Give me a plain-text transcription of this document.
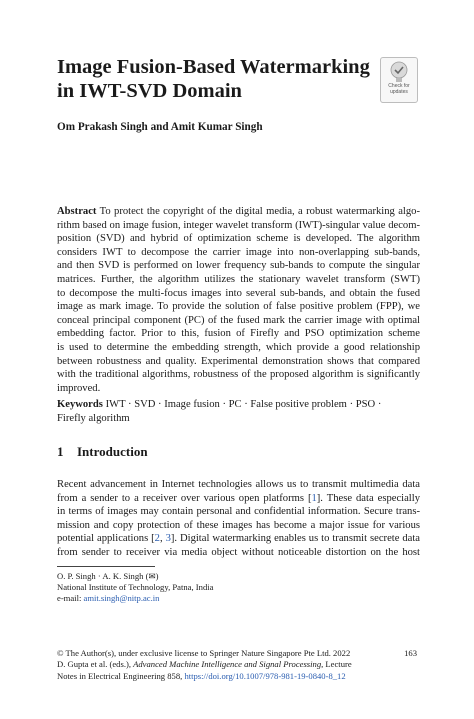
Image Fusion-Based Watermarking
in IWT-SVD Domain	Check for
updates
Om Prakash Singh and Amit Kumar Singh
Abstract To protect the copyright of the digital media, a robust watermarking algo-
rithm based on image fusion, integer wavelet transform (IWT)-singular value decom-
position (SVD) and hybrid of optimization scheme is developed. The algorithm
considers IWT to decompose the carrier image into non-overlapping sub-bands,
and then SVD is performed on lower frequency sub-bands to compute the singular
matrices. Further, the algorithm utilizes the stationary wavelet transform (SWT)
to decompose the multi-focus images into several sub-bands, and obtain the fused
image as mark image. To provide the solution of false positive problem (FPP), we
conceal principal component (PC) of the fused mark the carrier image with optimal
embedding factor. Prior to this, fusion of Firefly and PSO optimization scheme
is used to determine the embedding strength, which provide a good relationship
between robustness and quality. Experimental demonstration shows that compared
with the traditional algorithms, robustness of the proposed algorithm is significantly
improved.
Keywords IWT · SVD · Image fusion · PC · False positive problem · PSO ·
Firefly algorithm
1 Introduction
Recent advancement in Internet technologies allows us to transmit multimedia data
from a sender to a receiver over various open platforms [1]. These data especially
in terms of images may contain personal and confidential information. Secure trans-
mission and copy protection of these images has become a major issue for various
potential applications [2, 3]. Digital watermarking enables us to transmit secrete data
from sender to receiver via media object without noticeable distortion on the host
O. P. Singh · A. K. Singh (✉)
National Institute of Technology, Patna, India
e-mail: amit.singh@nitp.ac.in
© The Author(s), under exclusive license to Springer Nature Singapore Pte Ltd. 2022
D. Gupta et al. (eds.), Advanced Machine Intelligence and Signal Processing, Lecture
Notes in Electrical Engineering 858, https://doi.org/10.1007/978-981-19-0840-8_12
163
